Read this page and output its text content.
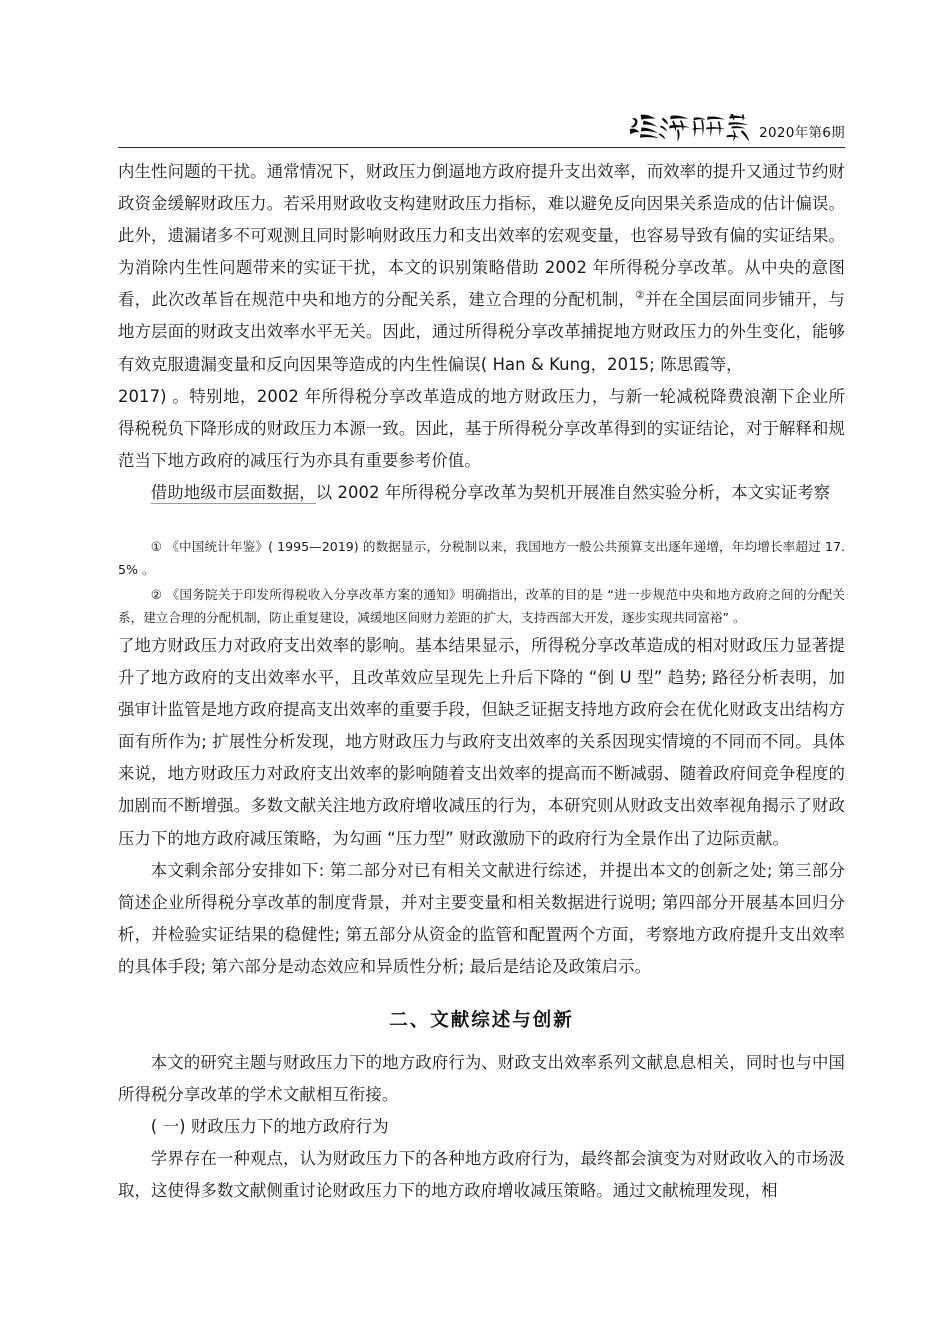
2020年第6期

内生性问题的干扰。通常情况下，财政压力倒逼地方政府提升支出效率，而效率的提升又通过节约财政资金缓解财政压力。若采用财政收支构建财政压力指标，难以避免反向因果关系造成的估计偏误。此外，遗漏诸多不可观测且同时影响财政压力和支出效率的宏观变量，也容易导致有偏的实证结果。为消除内生性问题带来的实证干扰，本文的识别策略借助 2002 年所得税分享改革。从中央的意图看，此次改革旨在规范中央和地方的分配关系，建立合理的分配机制，②并在全国层面同步铺开，与地方层面的财政支出效率水平无关。因此，通过所得税分享改革捕捉地方财政压力的外生变化，能够有效克服遗漏变量和反向因果等造成的内生性偏误( Han & Kung，2015; 陈思霞等，

2017) 。特别地，2002 年所得税分享改革造成的地方财政压力，与新一轮减税降费浪潮下企业所得税税负下降形成的财政压力本源一致。因此，基于所得税分享改革得到的实证结论，对于解释和规范当下地方政府的减压行为亦具有重要参考价值。

借助地级市层面数据，以 2002 年所得税分享改革为契机开展准自然实验分析，本文实证考察

① 《中国统计年鉴》( 1995—2019) 的数据显示，分税制以来，我国地方一般公共预算支出逐年递增，年均增长率超过 17. 5% 。

② 《国务院关于印发所得税收入分享改革方案的通知》明确指出，改革的目的是 “进一步规范中央和地方政府之间的分配关系，建立合理的分配机制，防止重复建设，减缓地区间财力差距的扩大，支持西部大开发，逐步实现共同富裕” 。

了地方财政压力对政府支出效率的影响。基本结果显示，所得税分享改革造成的相对财政压力显著提升了地方政府的支出效率水平，且改革效应呈现先上升后下降的 “倒 U 型” 趋势; 路径分析表明，加强审计监管是地方政府提高支出效率的重要手段，但缺乏证据支持地方政府会在优化财政支出结构方面有所作为; 扩展性分析发现，地方财政压力与政府支出效率的关系因现实情境的不同而不同。具体来说，地方财政压力对政府支出效率的影响随着支出效率的提高而不断减弱、随着政府间竞争程度的加剧而不断增强。多数文献关注地方政府增收减压的行为，本研究则从财政支出效率视角揭示了财政压力下的地方政府减压策略，为勾画 “压力型” 财政激励下的政府行为全景作出了边际贡献。

本文剩余部分安排如下: 第二部分对已有相关文献进行综述，并提出本文的创新之处; 第三部分简述企业所得税分享改革的制度背景，并对主要变量和相关数据进行说明; 第四部分开展基本回归分析，并检验实证结果的稳健性; 第五部分从资金的监管和配置两个方面，考察地方政府提升支出效率的具体手段; 第六部分是动态效应和异质性分析; 最后是结论及政策启示。

二、文献综述与创新

本文的研究主题与财政压力下的地方政府行为、财政支出效率系列文献息息相关，同时也与中国所得税分享改革的学术文献相互衔接。

( 一) 财政压力下的地方政府行为

学界存在一种观点，认为财政压力下的各种地方政府行为，最终都会演变为对财政收入的市场汲取，这使得多数文献侧重讨论财政压力下的地方政府增收减压策略。通过文献梳理发现，相
